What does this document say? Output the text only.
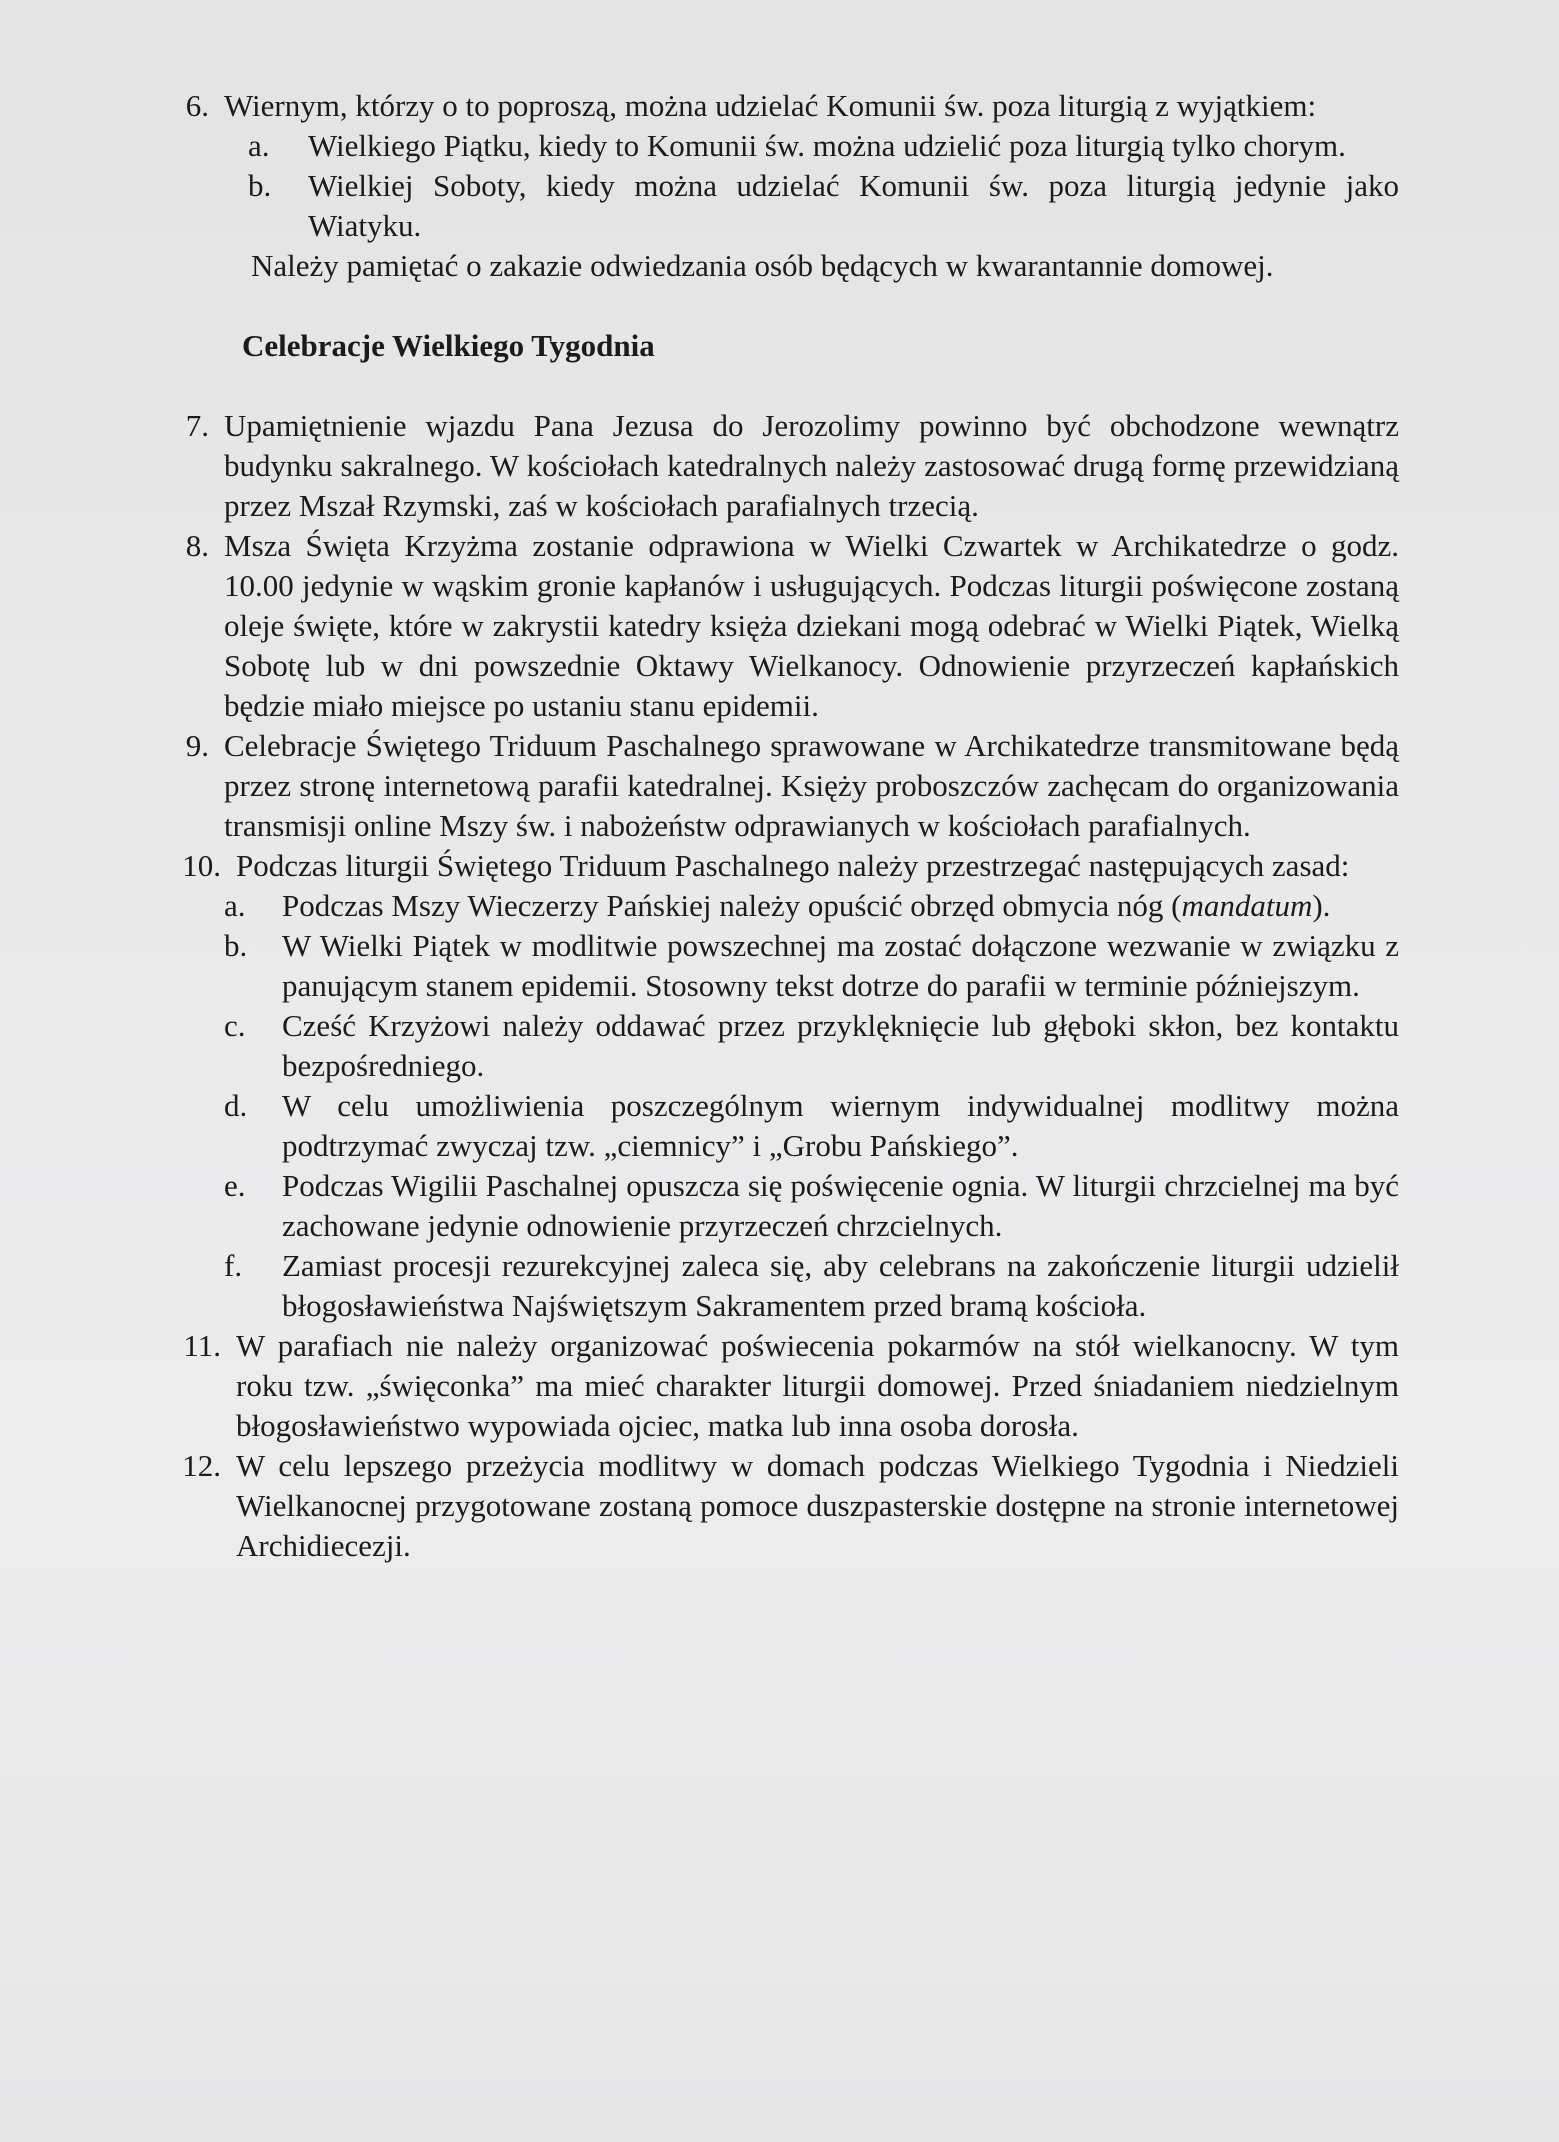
6. Wiernym, którzy o to poproszą, można udzielać Komunii św. poza liturgią z wyjątkiem:
a.	Wielkiego Piątku, kiedy to Komunii św. można udzielić poza liturgią tylko chorym.
b.	Wielkiej Soboty, kiedy można udzielać Komunii św. poza liturgią jedynie jako Wiatyku.
Należy pamiętać o zakazie odwiedzania osób będących w kwarantannie domowej.
Celebracje Wielkiego Tygodnia
7. Upamiętnienie wjazdu Pana Jezusa do Jerozolimy powinno być obchodzone wewnątrz budynku sakralnego. W kościołach katedralnych należy zastosować drugą formę przewidzianą przez Mszał Rzymski, zaś w kościołach parafialnych trzecią.
8. Msza Święta Krzyżma zostanie odprawiona w Wielki Czwartek w Archikatedrze o godz. 10.00 jedynie w wąskim gronie kapłanów i usługujących. Podczas liturgii poświęcone zostaną oleje święte, które w zakrystii katedry księża dziekani mogą odebrać w Wielki Piątek, Wielką Sobotę lub w dni powszednie Oktawy Wielkanocy. Odnowienie przyrzeczeń kapłańskich będzie miało miejsce po ustaniu stanu epidemii.
9. Celebracje Świętego Triduum Paschalnego sprawowane w Archikatedrze transmitowane będą przez stronę internetową parafii katedralnej. Księży proboszczów zachęcam do organizowania transmisji online Mszy św. i nabożeństw odprawianych w kościołach parafialnych.
10. Podczas liturgii Świętego Triduum Paschalnego należy przestrzegać następujących zasad:
a.	Podczas Mszy Wieczerzy Pańskiej należy opuścić obrzęd obmycia nóg (mandatum).
b.	W Wielki Piątek w modlitwie powszechnej ma zostać dołączone wezwanie w związku z panującym stanem epidemii. Stosowny tekst dotrze do parafii w terminie późniejszym.
c.	Cześć Krzyżowi należy oddawać przez przyklęknięcie lub głęboki skłon, bez kontaktu bezpośredniego.
d.	W celu umożliwienia poszczególnym wiernym indywidualnej modlitwy można podtrzymać zwyczaj tzw. „ciemnicy” i „Grobu Pańskiego”.
e.	Podczas Wigilii Paschalnej opuszcza się poświęcenie ognia. W liturgii chrzcielnej ma być zachowane jedynie odnowienie przyrzeczeń chrzcielnych.
f.	Zamiast procesji rezurekcyjnej zaleca się, aby celebrans na zakończenie liturgii udzielił błogosławieństwa Najświętszym Sakramentem przed bramą kościoła.
11. W parafiach nie należy organizować poświecenia pokarmów na stół wielkanocny. W tym roku tzw. „święconka” ma mieć charakter liturgii domowej. Przed śniadaniem niedzielnym błogosławieństwo wypowiada ojciec, matka lub inna osoba dorosła.
12. W celu lepszego przeżycia modlitwy w domach podczas Wielkiego Tygodnia i Niedzieli Wielkanocnej przygotowane zostaną pomoce duszpasterskie dostępne na stronie internetowej Archidiecezji.
